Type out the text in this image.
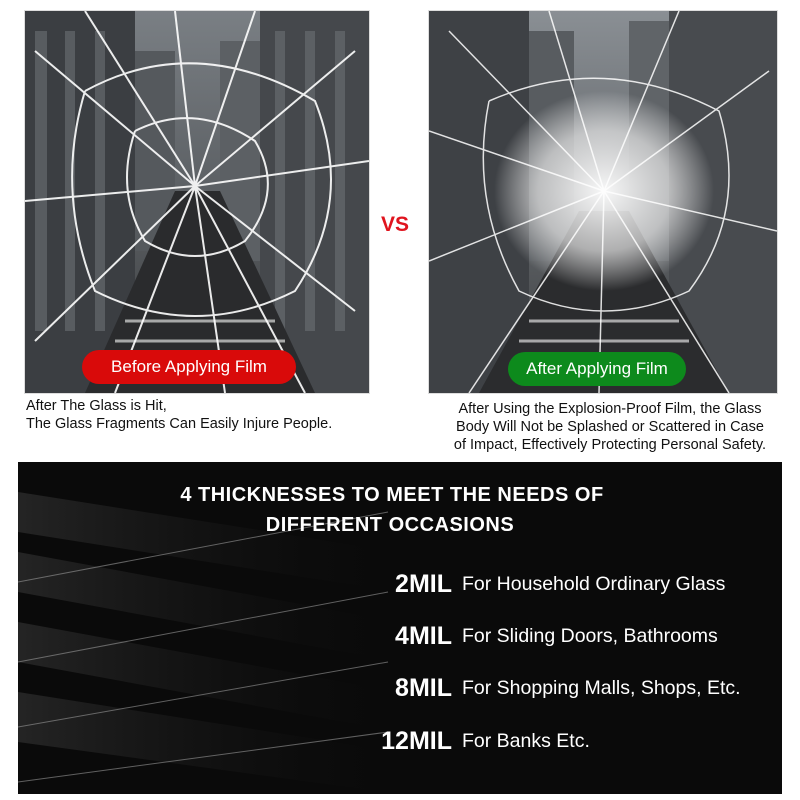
Before Applying Film	After Applying Film
VS
After The Glass is Hit,
The Glass Fragments Can Easily Injure People.
After Using the Explosion-Proof Film, the Glass
Body Will Not be Splashed or Scattered in Case
of Impact, Effectively Protecting Personal Safety.
4 THICKNESSES TO MEET THE NEEDS OF
DIFFERENT OCCASIONS
2MIL For Household Ordinary Glass
4MIL For Sliding Doors, Bathrooms
8MIL For Shopping Malls, Shops, Etc.
12MIL For Banks Etc.
